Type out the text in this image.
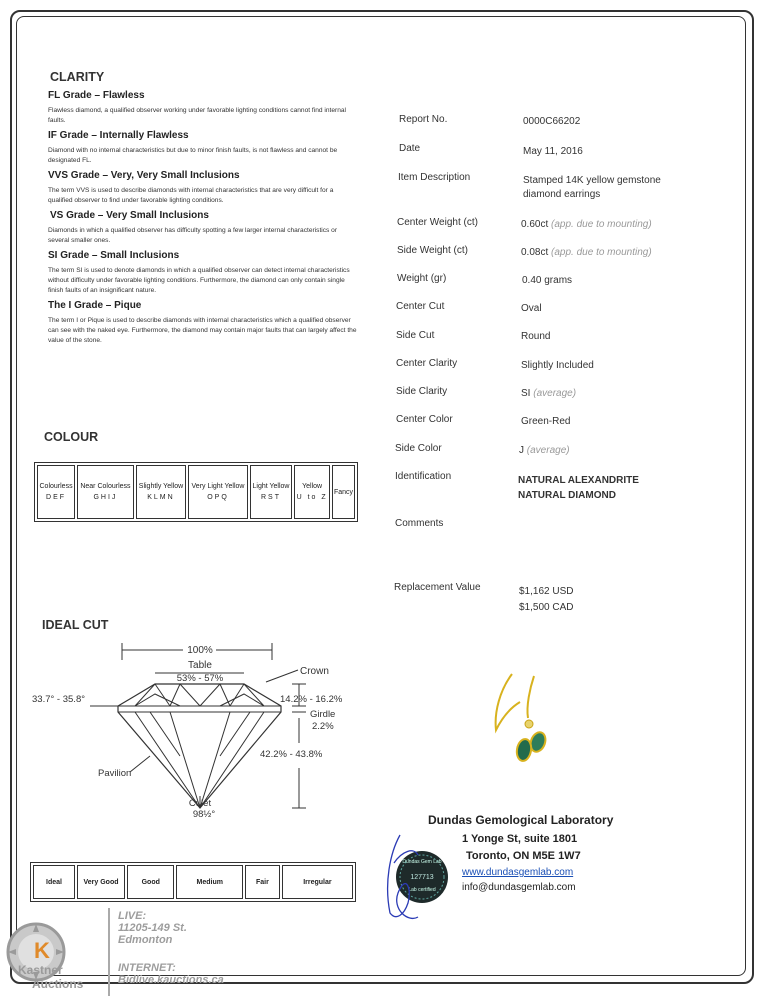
CLARITY
FL Grade – Flawless
Flawless diamond, a qualified observer working under favorable lighting conditions cannot find internal faults.
IF Grade – Internally Flawless
Diamond with no internal characteristics but due to minor finish faults, is not flawless and cannot be designated FL.
VVS Grade – Very, Very Small Inclusions
The term VVS is used to describe diamonds with internal characteristics that are very difficult for a qualified observer to find under favorable lighting conditions.
VS Grade – Very Small Inclusions
Diamonds in which a qualified observer has difficulty spotting a few larger internal characteristics or several smaller ones.
SI Grade – Small Inclusions
The term SI is used to denote diamonds in which a qualified observer can detect internal characteristics without difficulty under favorable lighting conditions. Furthermore, the diamond can only contain single finish faults of an insignificant nature.
The I Grade – Pique
The term I or Pique is used to describe diamonds with internal characteristics which a qualified observer can see with the naked eye. Furthermore, the diamond may contain major faults that can largely affect the value of the stone.
COLOUR
Colourless
DEF

Near Colourless
GHIJ

Slightly Yellow
KLMN

Very Light Yellow
OPQ

Light Yellow
RST

Yellow
U to Z

Fancy
IDEAL CUT
100%
Table
53% - 57%
Crown
33.7° - 35.8°	14.2% - 16.2%
Girdle
2.2%
42.2% - 43.8%
Pavilion
Culet
98½°
Ideal	Very Good	Good	Medium	Fair	Irregular
Report No.	0000C66202
Date	May 11, 2016
Item Description	Stamped 14K yellow gemstone diamond earrings
Center Weight (ct)	0.60ct (app. due to mounting)
Side Weight (ct)	0.08ct (app. due to mounting)
Weight (gr)	0.40 grams
Center Cut	Oval
Side Cut	Round
Center Clarity	Slightly Included
Side Clarity	SI (average)
Center Color	Green-Red
Side Color	J (average)
Identification	NATURAL ALEXANDRITE
NATURAL DIAMOND
Comments
Replacement Value	$1,162 USD
$1,500 CAD
Dundas Gemological Laboratory
1 Yonge St, suite 1801
Toronto, ON M5E 1W7
www.dundasgemlab.com
info@dundasgemlab.com
Dundas Gem Lab
127713
Lab certified
K
Kastner
Auctions
LIVE:
11205-149 St.
Edmonton
INTERNET:
Bidlive.kauctions.ca
